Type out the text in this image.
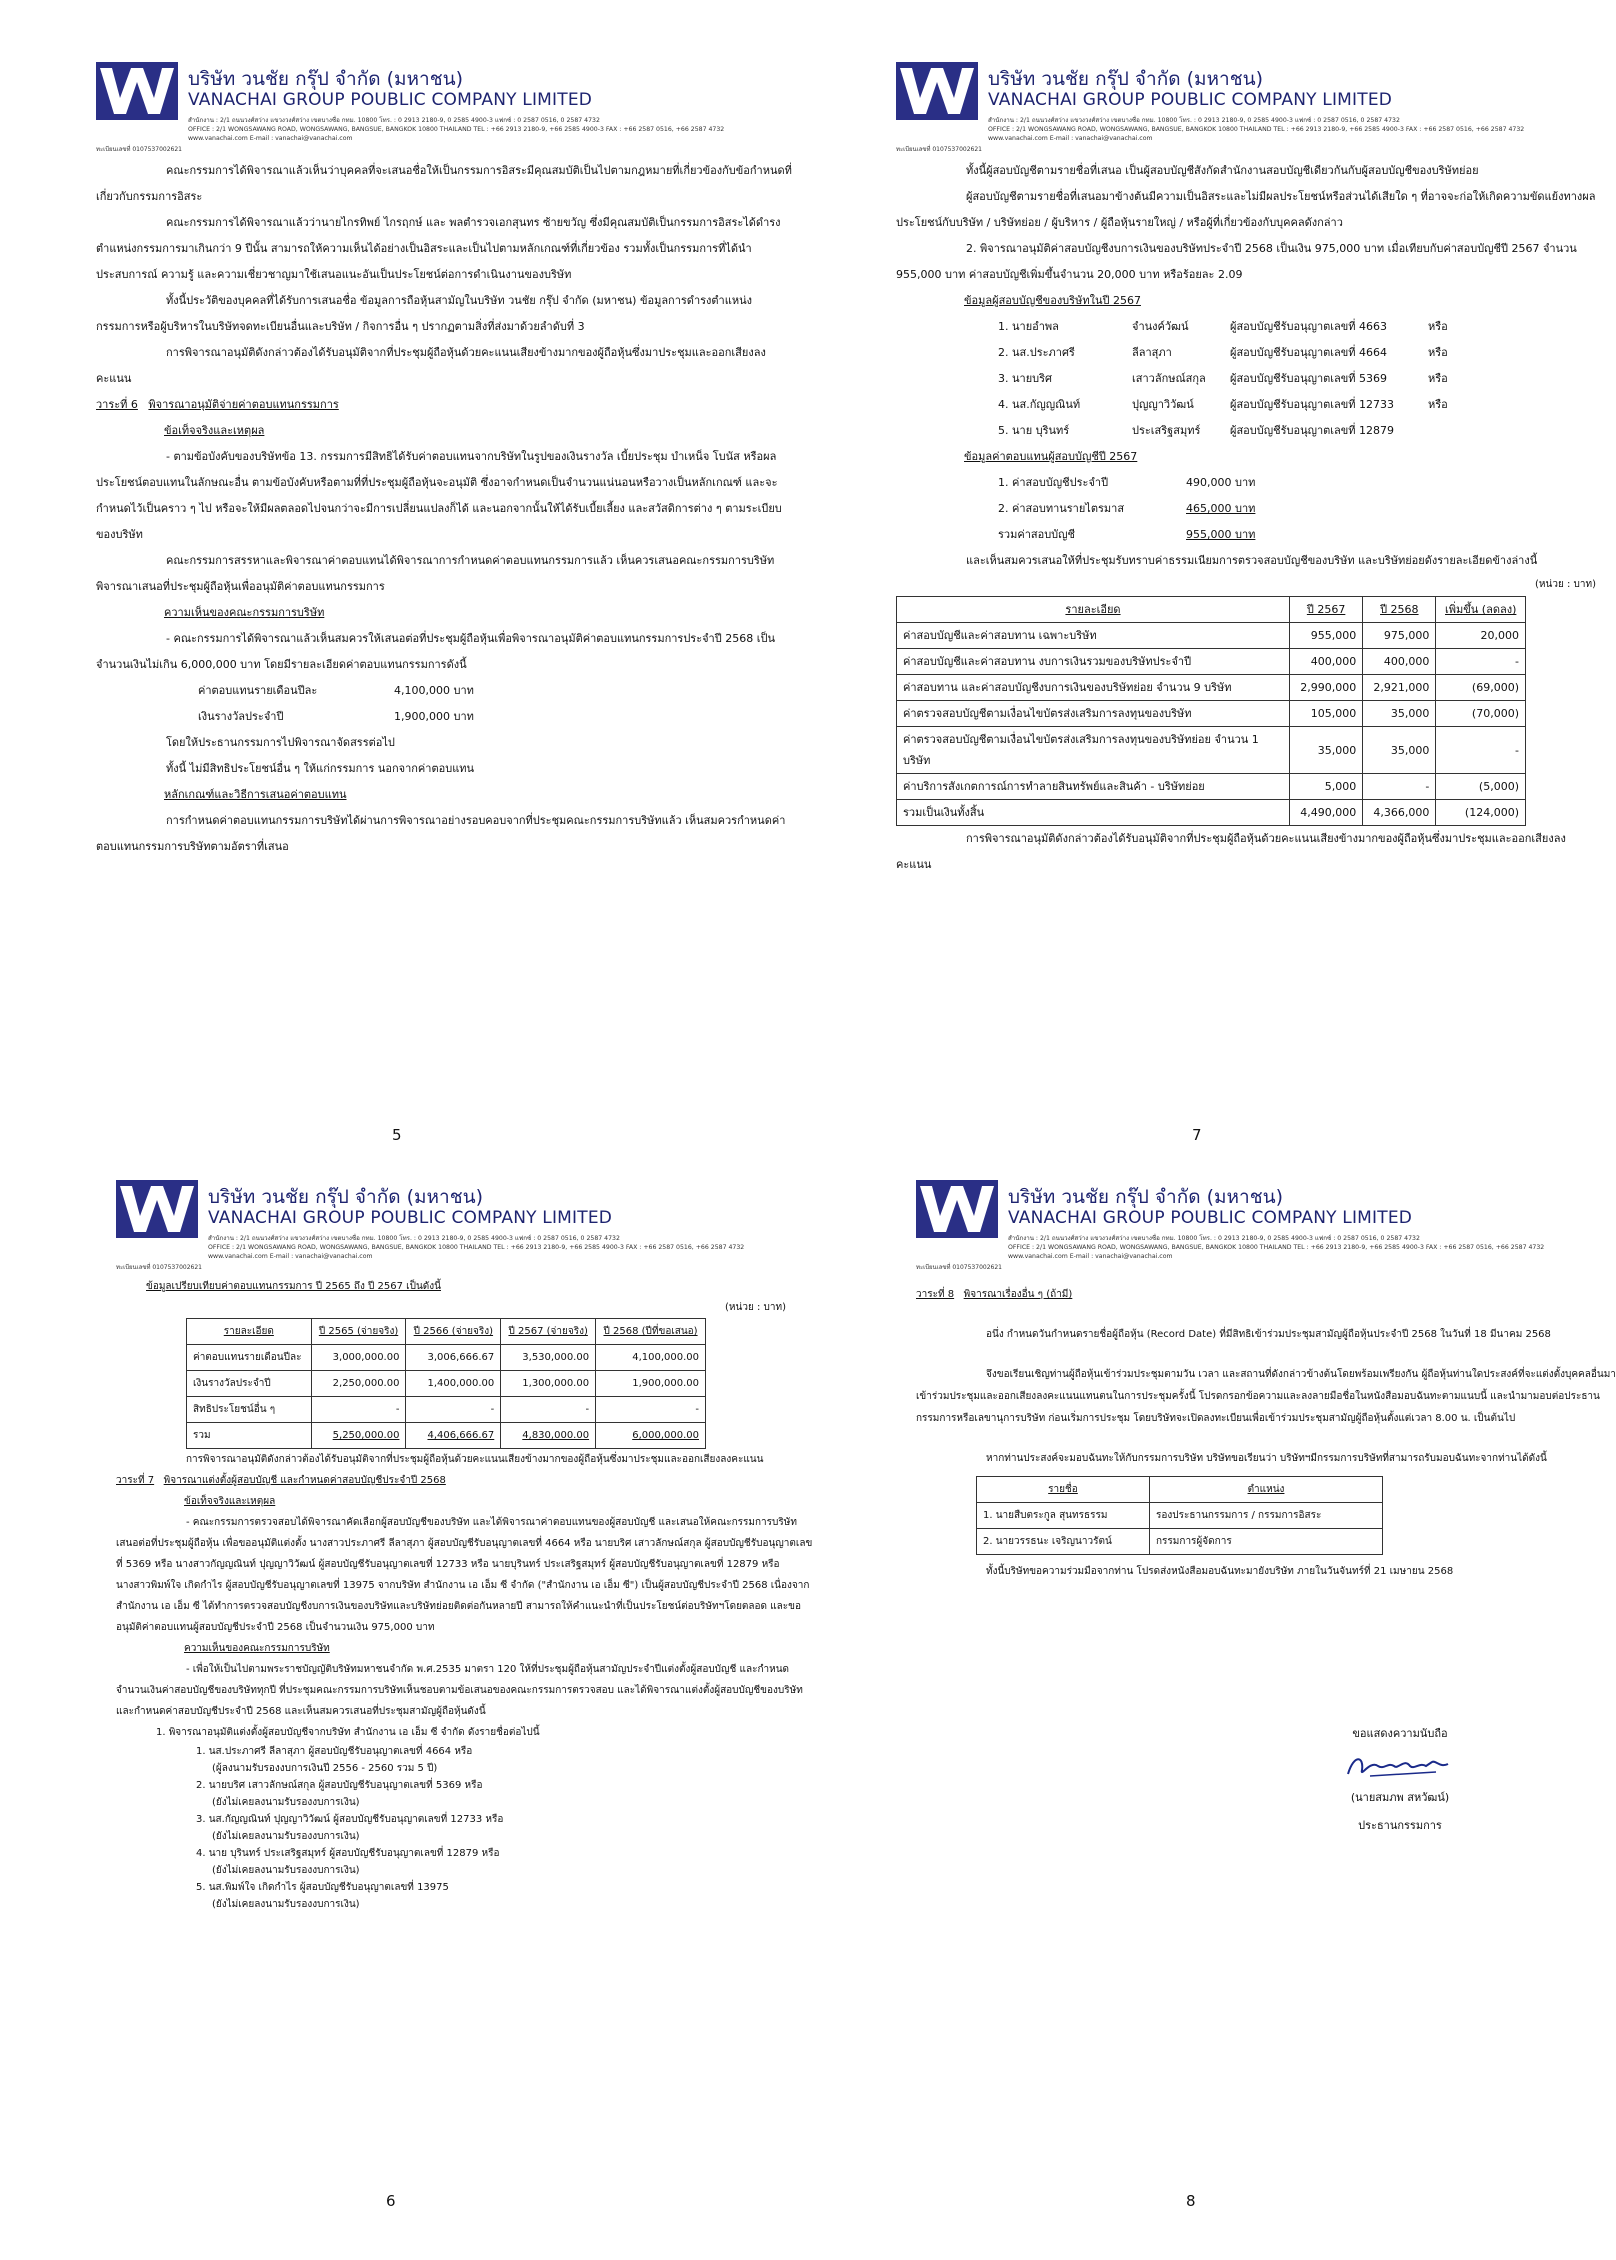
บริษัท วนชัย กรุ๊ป จำกัด (มหาชน)
VANACHAI GROUP POUBLIC COMPANY LIMITED
สำนักงาน : 2/1 ถนนวงศ์สว่าง แขวงวงศ์สว่าง เขตบางซื่อ กทม. 10800 โทร. : 0 2913 2180-9, 0 2585 4900-3 แฟกซ์ : 0 2587 0516, 0 2587 4732
OFFICE : 2/1 WONGSAWANG ROAD, WONGSAWANG, BANGSUE, BANGKOK 10800 THAILAND TEL : +66 2913 2180-9, +66 2585 4900-3 FAX : +66 2587 0516, +66 2587 4732
www.vanachai.com E-mail : vanachai@vanachai.com
ทะเบียนเลขที่ 0107537002621

คณะกรรมการได้พิจารณาแล้วเห็นว่าบุคคลที่จะเสนอชื่อให้เป็นกรรมการอิสระมีคุณสมบัติเป็นไปตามกฎหมายที่เกี่ยวข้องกับข้อกำหนดที่เกี่ยวกับกรรมการอิสระ

คณะกรรมการได้พิจารณาแล้วว่านายไกรทิพย์ ไกรฤกษ์ และ พลตำรวจเอกสุนทร ซ้ายขวัญ ซึ่งมีคุณสมบัติเป็นกรรมการอิสระได้ดำรงตำแหน่งกรรมการมาเกินกว่า 9 ปีนั้น สามารถให้ความเห็นได้อย่างเป็นอิสระและเป็นไปตามหลักเกณฑ์ที่เกี่ยวข้อง รวมทั้งเป็นกรรมการที่ได้นำประสบการณ์ ความรู้ และความเชี่ยวชาญมาใช้เสนอแนะอันเป็นประโยชน์ต่อการดำเนินงานของบริษัท

ทั้งนี้ประวัติของบุคคลที่ได้รับการเสนอชื่อ ข้อมูลการถือหุ้นสามัญในบริษัท วนชัย กรุ๊ป จำกัด (มหาชน) ข้อมูลการดำรงตำแหน่งกรรมการหรือผู้บริหารในบริษัทจดทะเบียนอื่นและบริษัท / กิจการอื่น ๆ ปรากฏตามสิ่งที่ส่งมาด้วยลำดับที่ 3

การพิจารณาอนุมัติดังกล่าวต้องได้รับอนุมัติจากที่ประชุมผู้ถือหุ้นด้วยคะแนนเสียงข้างมากของผู้ถือหุ้นซึ่งมาประชุมและออกเสียงลงคะแนน

วาระที่ 6 พิจารณาอนุมัติจ่ายค่าตอบแทนกรรมการ

ข้อเท็จจริงและเหตุผล

- ตามข้อบังคับของบริษัทข้อ 13. กรรมการมีสิทธิได้รับค่าตอบแทนจากบริษัทในรูปของเงินรางวัล เบี้ยประชุม บำเหน็จ โบนัส หรือผลประโยชน์ตอบแทนในลักษณะอื่น ตามข้อบังคับหรือตามที่ที่ประชุมผู้ถือหุ้นจะอนุมัติ ซึ่งอาจกำหนดเป็นจำนวนแน่นอนหรือวางเป็นหลักเกณฑ์ และจะกำหนดไว้เป็นคราว ๆ ไป หรือจะให้มีผลตลอดไปจนกว่าจะมีการเปลี่ยนแปลงก็ได้ และนอกจากนั้นให้ได้รับเบี้ยเลี้ยง และสวัสดิการต่าง ๆ ตามระเบียบของบริษัท

คณะกรรมการสรรหาและพิจารณาค่าตอบแทนได้พิจารณาการกำหนดค่าตอบแทนกรรมการแล้ว เห็นควรเสนอคณะกรรมการบริษัทพิจารณาเสนอที่ประชุมผู้ถือหุ้นเพื่ออนุมัติค่าตอบแทนกรรมการ

ความเห็นของคณะกรรมการบริษัท

- คณะกรรมการได้พิจารณาแล้วเห็นสมควรให้เสนอต่อที่ประชุมผู้ถือหุ้นเพื่อพิจารณาอนุมัติค่าตอบแทนกรรมการประจำปี 2568 เป็นจำนวนเงินไม่เกิน 6,000,000 บาท โดยมีรายละเอียดค่าตอบแทนกรรมการดังนี้

ค่าตอบแทนรายเดือนปีละ	4,100,000 บาท
เงินรางวัลประจำปี	1,900,000 บาท

โดยให้ประธานกรรมการไปพิจารณาจัดสรรต่อไป

ทั้งนี้ ไม่มีสิทธิประโยชน์อื่น ๆ ให้แก่กรรมการ นอกจากค่าตอบแทน

หลักเกณฑ์และวิธีการเสนอค่าตอบแทน

การกำหนดค่าตอบแทนกรรมการบริษัทได้ผ่านการพิจารณาอย่างรอบคอบจากที่ประชุมคณะกรรมการบริษัทแล้ว เห็นสมควรกำหนดค่าตอบแทนกรรมการบริษัทตามอัตราที่เสนอ

5
บริษัท วนชัย กรุ๊ป จำกัด (มหาชน)
VANACHAI GROUP POUBLIC COMPANY LIMITED
สำนักงาน : 2/1 ถนนวงศ์สว่าง แขวงวงศ์สว่าง เขตบางซื่อ กทม. 10800 โทร. : 0 2913 2180-9, 0 2585 4900-3 แฟกซ์ : 0 2587 0516, 0 2587 4732
OFFICE : 2/1 WONGSAWANG ROAD, WONGSAWANG, BANGSUE, BANGKOK 10800 THAILAND TEL : +66 2913 2180-9, +66 2585 4900-3 FAX : +66 2587 0516, +66 2587 4732
www.vanachai.com E-mail : vanachai@vanachai.com
ทะเบียนเลขที่ 0107537002621

ทั้งนี้ผู้สอบบัญชีตามรายชื่อที่เสนอ เป็นผู้สอบบัญชีสังกัดสำนักงานสอบบัญชีเดียวกันกับผู้สอบบัญชีของบริษัทย่อย

ผู้สอบบัญชีตามรายชื่อที่เสนอมาข้างต้นมีความเป็นอิสระและไม่มีผลประโยชน์หรือส่วนได้เสียใด ๆ ที่อาจจะก่อให้เกิดความขัดแย้งทางผลประโยชน์กับบริษัท / บริษัทย่อย / ผู้บริหาร / ผู้ถือหุ้นรายใหญ่ / หรือผู้ที่เกี่ยวข้องกับบุคคลดังกล่าว

2. พิจารณาอนุมัติค่าสอบบัญชีงบการเงินของบริษัทประจำปี 2568 เป็นเงิน 975,000 บาท เมื่อเทียบกับค่าสอบบัญชีปี 2567 จำนวน 955,000 บาท ค่าสอบบัญชีเพิ่มขึ้นจำนวน 20,000 บาท หรือร้อยละ 2.09

ข้อมูลผู้สอบบัญชีของบริษัทในปี 2567

1. นายอำพล	จำนงค์วัฒน์	ผู้สอบบัญชีรับอนุญาตเลขที่ 4663	หรือ
2. นส.ประภาศรี	ลีลาสุภา	ผู้สอบบัญชีรับอนุญาตเลขที่ 4664	หรือ
3. นายบริศ	เสาวลักษณ์สกุล	ผู้สอบบัญชีรับอนุญาตเลขที่ 5369	หรือ
4. นส.กัญญณินท์	ปุญญาวิวัฒน์	ผู้สอบบัญชีรับอนุญาตเลขที่ 12733	หรือ
5. นาย บุรินทร์	ประเสริฐสมุทร์	ผู้สอบบัญชีรับอนุญาตเลขที่ 12879

ข้อมูลค่าตอบแทนผู้สอบบัญชีปี 2567

1. ค่าสอบบัญชีประจำปี	490,000 บาท
2. ค่าสอบทานรายไตรมาส	465,000 บาท
รวมค่าสอบบัญชี	955,000 บาท

และเห็นสมควรเสนอให้ที่ประชุมรับทราบค่าธรรมเนียมการตรวจสอบบัญชีของบริษัท และบริษัทย่อยดังรายละเอียดข้างล่างนี้

(หน่วย : บาท)
รายละเอียด	ปี 2567	ปี 2568	เพิ่มขึ้น (ลดลง)
ค่าสอบบัญชีและค่าสอบทาน เฉพาะบริษัท	955,000	975,000	20,000
ค่าสอบบัญชีและค่าสอบทาน งบการเงินรวมของบริษัทประจำปี	400,000	400,000	-
ค่าสอบทาน และค่าสอบบัญชีงบการเงินของบริษัทย่อย จำนวน 9 บริษัท	2,990,000	2,921,000	(69,000)
ค่าตรวจสอบบัญชีตามเงื่อนไขบัตรส่งเสริมการลงทุนของบริษัท	105,000	35,000	(70,000)
ค่าตรวจสอบบัญชีตามเงื่อนไขบัตรส่งเสริมการลงทุนของบริษัทย่อย จำนวน 1 บริษัท	35,000	35,000	-
ค่าบริการสังเกตการณ์การทำลายสินทรัพย์และสินค้า - บริษัทย่อย	5,000	-	(5,000)
รวมเป็นเงินทั้งสิ้น	4,490,000	4,366,000	(124,000)

การพิจารณาอนุมัติดังกล่าวต้องได้รับอนุมัติจากที่ประชุมผู้ถือหุ้นด้วยคะแนนเสียงข้างมากของผู้ถือหุ้นซึ่งมาประชุมและออกเสียงลงคะแนน

7
บริษัท วนชัย กรุ๊ป จำกัด (มหาชน)
VANACHAI GROUP POUBLIC COMPANY LIMITED
สำนักงาน : 2/1 ถนนวงศ์สว่าง แขวงวงศ์สว่าง เขตบางซื่อ กทม. 10800 โทร. : 0 2913 2180-9, 0 2585 4900-3 แฟกซ์ : 0 2587 0516, 0 2587 4732
OFFICE : 2/1 WONGSAWANG ROAD, WONGSAWANG, BANGSUE, BANGKOK 10800 THAILAND TEL : +66 2913 2180-9, +66 2585 4900-3 FAX : +66 2587 0516, +66 2587 4732
www.vanachai.com E-mail : vanachai@vanachai.com
ทะเบียนเลขที่ 0107537002621

ข้อมูลเปรียบเทียบค่าตอบแทนกรรมการ ปี 2565 ถึง ปี 2567 เป็นดังนี้

(หน่วย : บาท)
รายละเอียด	ปี 2565 (จ่ายจริง)	ปี 2566 (จ่ายจริง)	ปี 2567 (จ่ายจริง)	ปี 2568 (ปีที่ขอเสนอ)
ค่าตอบแทนรายเดือนปีละ	3,000,000.00	3,006,666.67	3,530,000.00	4,100,000.00
เงินรางวัลประจำปี	2,250,000.00	1,400,000.00	1,300,000.00	1,900,000.00
สิทธิประโยชน์อื่น ๆ	-	-	-	-
รวม	5,250,000.00	4,406,666.67	4,830,000.00	6,000,000.00

การพิจารณาอนุมัติดังกล่าวต้องได้รับอนุมัติจากที่ประชุมผู้ถือหุ้นด้วยคะแนนเสียงข้างมากของผู้ถือหุ้นซึ่งมาประชุมและออกเสียงลงคะแนน

วาระที่ 7 พิจารณาแต่งตั้งผู้สอบบัญชี และกำหนดค่าสอบบัญชีประจำปี 2568

ข้อเท็จจริงและเหตุผล

- คณะกรรมการตรวจสอบได้พิจารณาคัดเลือกผู้สอบบัญชีของบริษัท และได้พิจารณาค่าตอบแทนของผู้สอบบัญชี และเสนอให้คณะกรรมการบริษัทเสนอต่อที่ประชุมผู้ถือหุ้น เพื่อขออนุมัติแต่งตั้ง นางสาวประภาศรี ลีลาสุภา ผู้สอบบัญชีรับอนุญาตเลขที่ 4664 หรือ นายบริศ เสาวลักษณ์สกุล ผู้สอบบัญชีรับอนุญาตเลขที่ 5369 หรือ นางสาวกัญญณินท์ ปุญญาวิวัฒน์ ผู้สอบบัญชีรับอนุญาตเลขที่ 12733 หรือ นายบุรินทร์ ประเสริฐสมุทร์ ผู้สอบบัญชีรับอนุญาตเลขที่ 12879 หรือ นางสาวพิมพ์ใจ เกิดกำไร ผู้สอบบัญชีรับอนุญาตเลขที่ 13975 จากบริษัท สำนักงาน เอ เอ็ม ซี จำกัด ("สำนักงาน เอ เอ็ม ซี") เป็นผู้สอบบัญชีประจำปี 2568 เนื่องจากสำนักงาน เอ เอ็ม ซี ได้ทำการตรวจสอบบัญชีงบการเงินของบริษัทและบริษัทย่อยติดต่อกันหลายปี สามารถให้คำแนะนำที่เป็นประโยชน์ต่อบริษัทฯโดยตลอด และขออนุมัติค่าตอบแทนผู้สอบบัญชีประจำปี 2568 เป็นจำนวนเงิน 975,000 บาท

ความเห็นของคณะกรรมการบริษัท

- เพื่อให้เป็นไปตามพระราชบัญญัติบริษัทมหาชนจำกัด พ.ศ.2535 มาตรา 120 ให้ที่ประชุมผู้ถือหุ้นสามัญประจำปีแต่งตั้งผู้สอบบัญชี และกำหนดจำนวนเงินค่าสอบบัญชีของบริษัททุกปี ที่ประชุมคณะกรรมการบริษัทเห็นชอบตามข้อเสนอของคณะกรรมการตรวจสอบ และได้พิจารณาแต่งตั้งผู้สอบบัญชีของบริษัทและกำหนดค่าสอบบัญชีประจำปี 2568 และเห็นสมควรเสนอที่ประชุมสามัญผู้ถือหุ้นดังนี้

1. พิจารณาอนุมัติแต่งตั้งผู้สอบบัญชีจากบริษัท สำนักงาน เอ เอ็ม ซี จำกัด ดังรายชื่อต่อไปนี้

1. นส.ประภาศรี ลีลาสุภา ผู้สอบบัญชีรับอนุญาตเลขที่ 4664 หรือ
(ผู้ลงนามรับรองงบการเงินปี 2556 - 2560 รวม 5 ปี)
2. นายบริศ เสาวลักษณ์สกุล ผู้สอบบัญชีรับอนุญาตเลขที่ 5369 หรือ
(ยังไม่เคยลงนามรับรองงบการเงิน)
3. นส.กัญญณินท์ ปุญญาวิวัฒน์ ผู้สอบบัญชีรับอนุญาตเลขที่ 12733 หรือ
(ยังไม่เคยลงนามรับรองงบการเงิน)
4. นาย บุรินทร์ ประเสริฐสมุทร์ ผู้สอบบัญชีรับอนุญาตเลขที่ 12879 หรือ
(ยังไม่เคยลงนามรับรองงบการเงิน)
5. นส.พิมพ์ใจ เกิดกำไร ผู้สอบบัญชีรับอนุญาตเลขที่ 13975
(ยังไม่เคยลงนามรับรองงบการเงิน)
6
บริษัท วนชัย กรุ๊ป จำกัด (มหาชน)
VANACHAI GROUP POUBLIC COMPANY LIMITED
สำนักงาน : 2/1 ถนนวงศ์สว่าง แขวงวงศ์สว่าง เขตบางซื่อ กทม. 10800 โทร. : 0 2913 2180-9, 0 2585 4900-3 แฟกซ์ : 0 2587 0516, 0 2587 4732
OFFICE : 2/1 WONGSAWANG ROAD, WONGSAWANG, BANGSUE, BANGKOK 10800 THAILAND TEL : +66 2913 2180-9, +66 2585 4900-3 FAX : +66 2587 0516, +66 2587 4732
www.vanachai.com E-mail : vanachai@vanachai.com
ทะเบียนเลขที่ 0107537002621

วาระที่ 8 พิจารณาเรื่องอื่น ๆ (ถ้ามี)

อนึ่ง กำหนดวันกำหนดรายชื่อผู้ถือหุ้น (Record Date) ที่มีสิทธิเข้าร่วมประชุมสามัญผู้ถือหุ้นประจำปี 2568 ในวันที่ 18 มีนาคม 2568

จึงขอเรียนเชิญท่านผู้ถือหุ้นเข้าร่วมประชุมตามวัน เวลา และสถานที่ดังกล่าวข้างต้นโดยพร้อมเพรียงกัน ผู้ถือหุ้นท่านใดประสงค์ที่จะแต่งตั้งบุคคลอื่นมาเข้าร่วมประชุมและออกเสียงลงคะแนนแทนตนในการประชุมครั้งนี้ โปรดกรอกข้อความและลงลายมือชื่อในหนังสือมอบฉันทะตามแนบนี้ และนำมามอบต่อประธานกรรมการหรือเลขานุการบริษัท ก่อนเริ่มการประชุม โดยบริษัทจะเปิดลงทะเบียนเพื่อเข้าร่วมประชุมสามัญผู้ถือหุ้นตั้งแต่เวลา 8.00 น. เป็นต้นไป

หากท่านประสงค์จะมอบฉันทะให้กับกรรมการบริษัท บริษัทขอเรียนว่า บริษัทฯมีกรรมการบริษัทที่สามารถรับมอบฉันทะจากท่านได้ดังนี้

รายชื่อ	ตำแหน่ง
1. นายสืบตระกูล สุนทรธรรม	รองประธานกรรมการ / กรรมการอิสระ
2. นายวรรธนะ เจริญนาวรัตน์	กรรมการผู้จัดการ

ทั้งนี้บริษัทขอความร่วมมือจากท่าน โปรดส่งหนังสือมอบฉันทะมายังบริษัท ภายในวันจันทร์ที่ 21 เมษายน 2568

ขอแสดงความนับถือ
(นายสมภพ สหวัฒน์)
ประธานกรรมการ
8
